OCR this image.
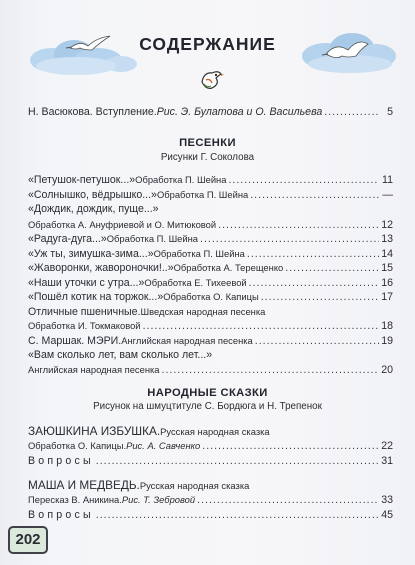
СОДЕРЖАНИЕ
Н. Васюкова. Вступление. Рис. Э. Булатова и О. Васильева .....	5
ПЕСЕНКИ
Рисунки Г. Соколова
«Петушок-петушок...» Обработка П. Шейна .....	11
«Солнышко, вёдрышко...» Обработка П. Шейна .....	—
«Дождик, дождик, пуще...»
Обработка А. Ануфриевой и О. Митюковой .....	12
«Радуга-дуга...» Обработка П. Шейна .....	13
«Уж ты, зимушка-зима...» Обработка П. Шейна .....	14
«Жаворонки, жавороночки!..» Обработка А. Терещенко .....	15
«Наши уточки с утра...» Обработка Е. Тихеевой .....	16
«Пошёл котик на торжок...» Обработка О. Капицы .....	17
Отличные пшеничные. Шведская народная песенка
Обработка И. Токмаковой .....	18
С. Маршак. МЭРИ. Английская народная песенка .....	19
«Вам сколько лет, вам сколько лет...»
Английская народная песенка .....	20
НАРОДНЫЕ СКАЗКИ
Рисунок на шмуцтитуле С. Бордюга и Н. Трепенок
ЗАЮШКИНА ИЗБУШКА. Русская народная сказка
Обработка О. Капицы. Рис. А. Савченко .....	22
Вопросы .....	31
МАША И МЕДВЕДЬ. Русская народная сказка
Пересказ В. Аникина. Рис. Т. Зебровой .....	33
Вопросы .....	45
202
